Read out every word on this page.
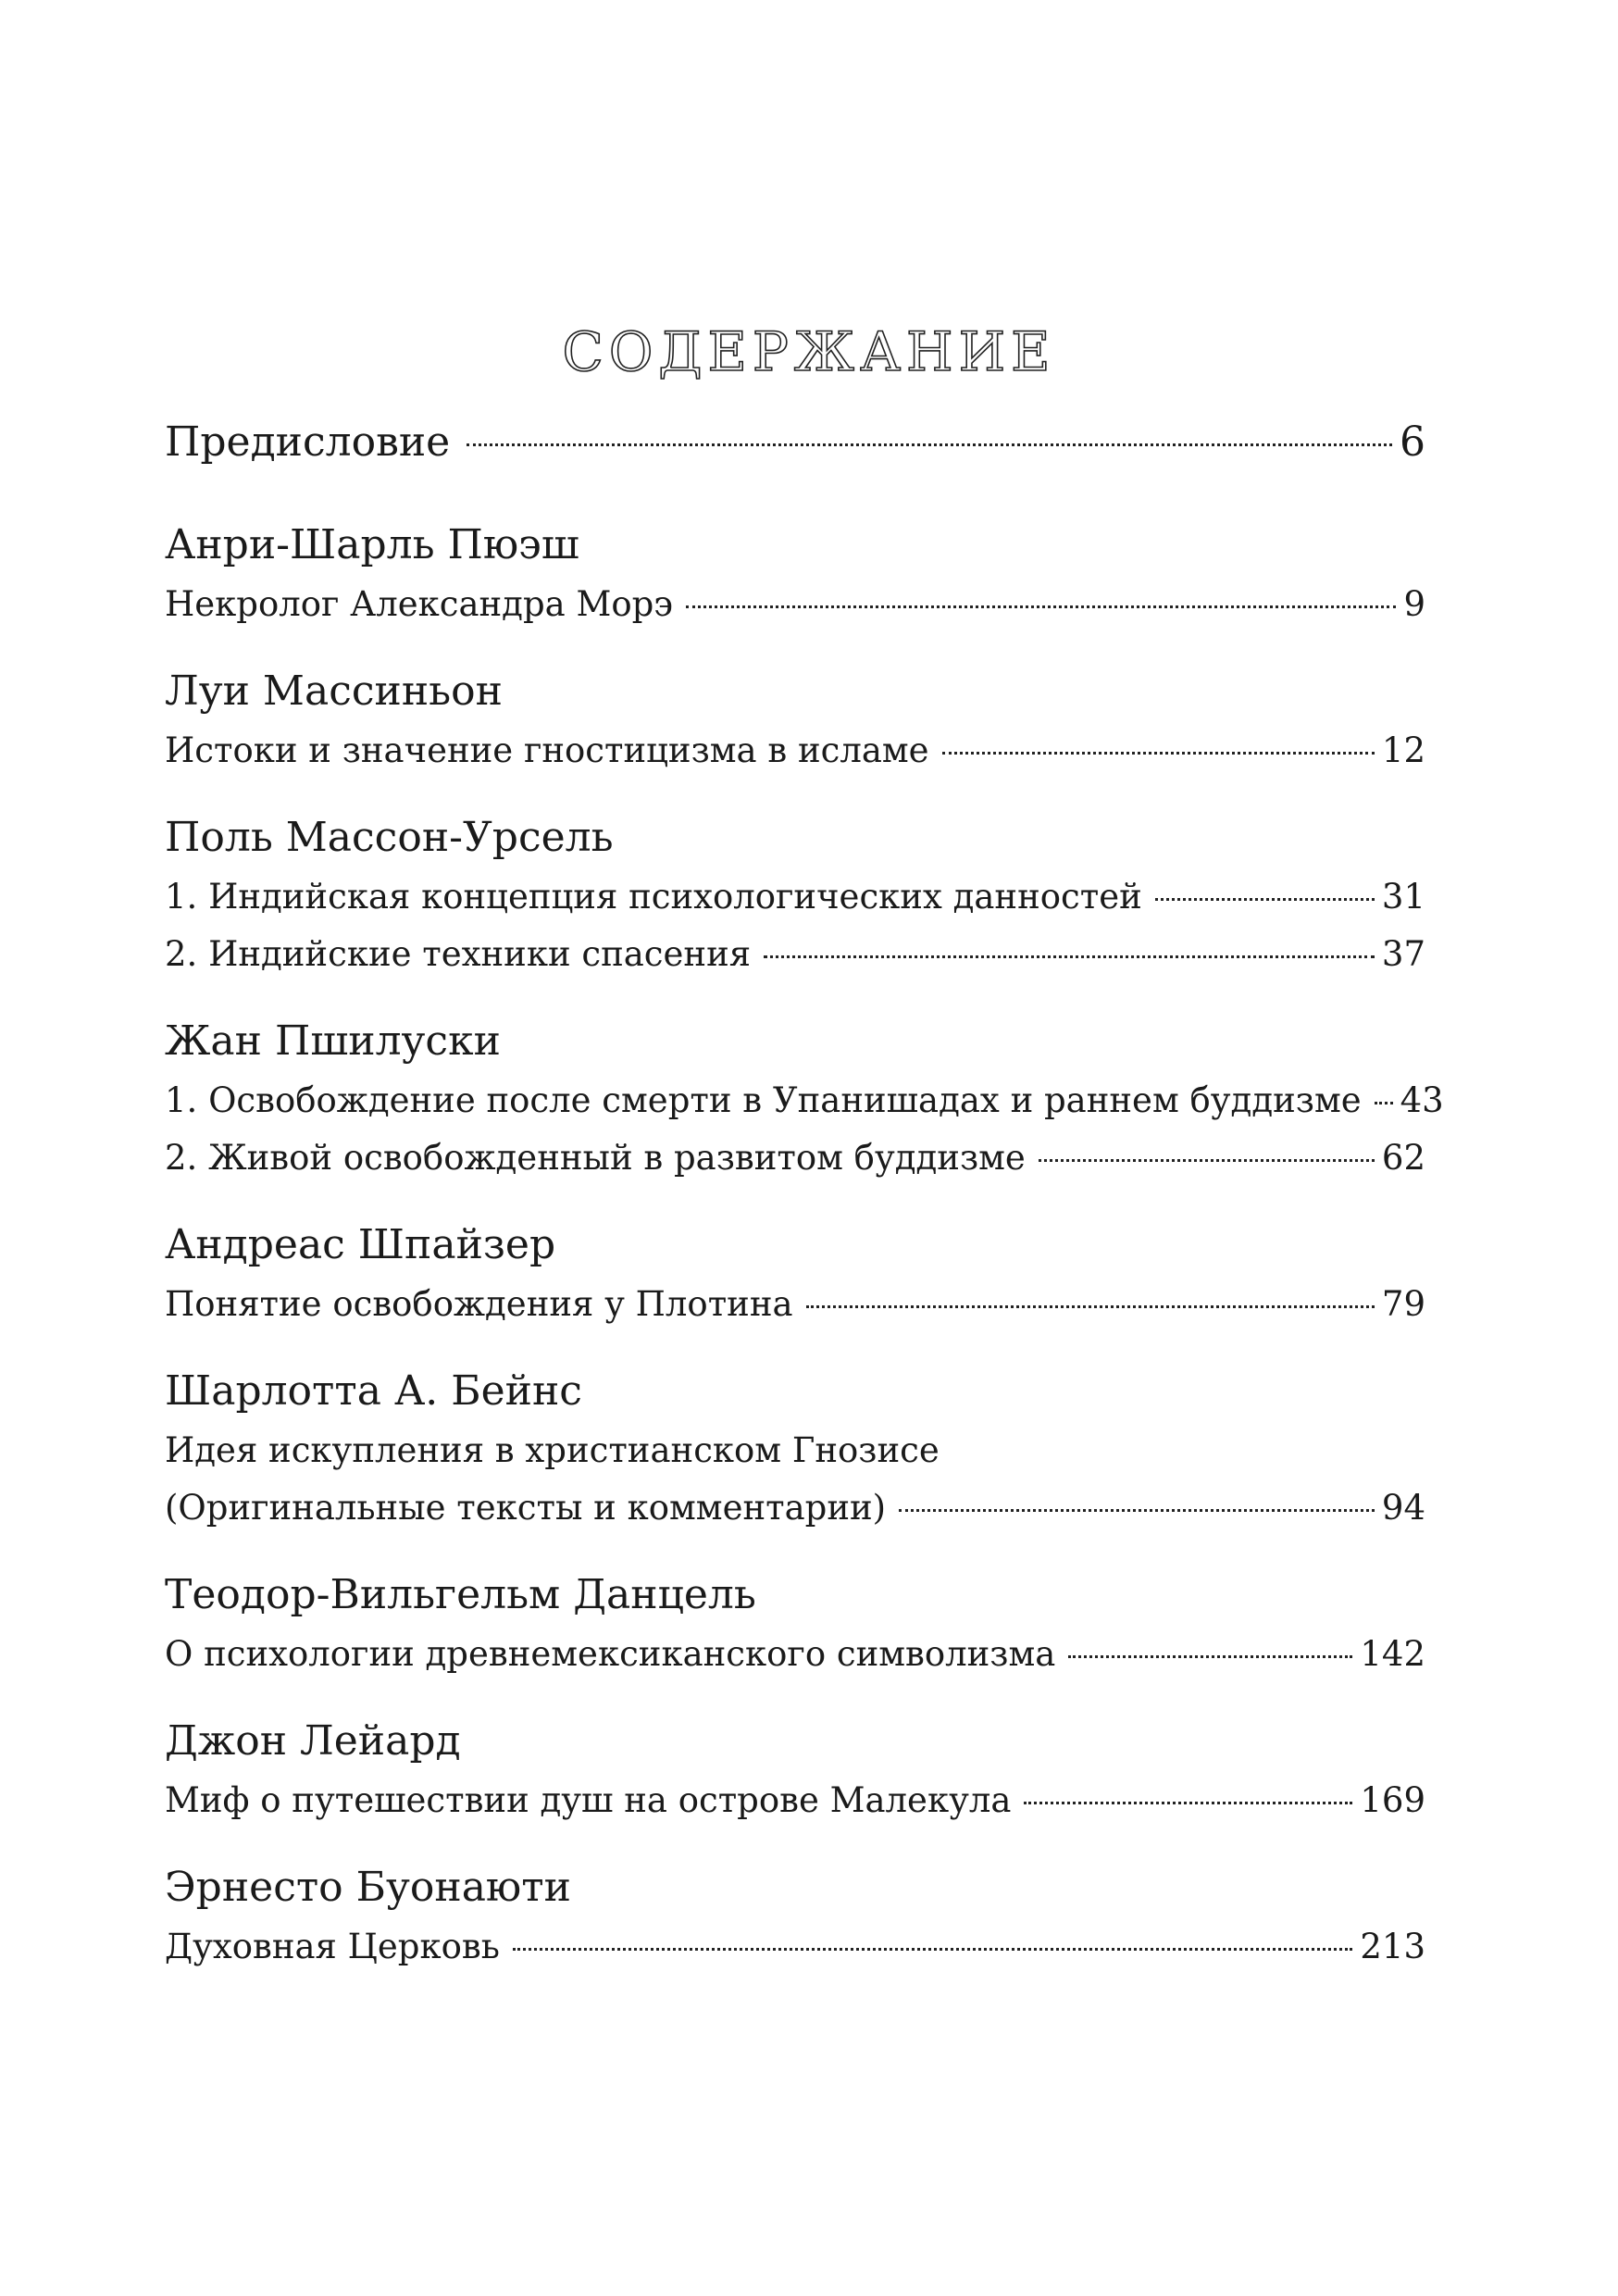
СОДЕРЖАНИЕ
Предисловие	6
Анри-Шарль Пюэш
Некролог Александра Морэ	9
Луи Массиньон
Истоки и значение гностицизма в исламе	12
Поль Массон-Урсель
1. Индийская концепция психологических данностей	31
2. Индийские техники спасения	37
Жан Пшилуски
1. Освобождение после смерти в Упанишадах и раннем буддизме 43
2. Живой освобожденный в развитом буддизме	62
Андреас Шпайзер
Понятие освобождения у Плотина	79
Шарлотта А. Бейнс
Идея искупления в христианском Гнозисе
(Оригинальные тексты и комментарии)	94
Теодор-Вильгельм Данцель
О психологии древнемексиканского символизма	142
Джон Лейард
Миф о путешествии душ на острове Малекула	169
Эрнесто Буонаюти
Духовная Церковь	213
